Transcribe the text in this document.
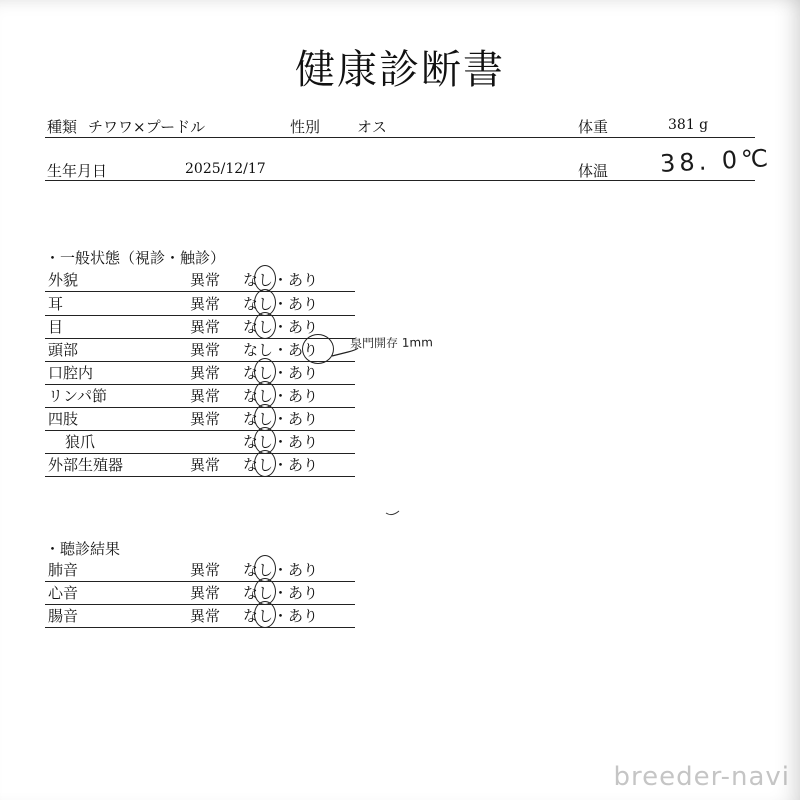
健康診断書
種類 チワワ×プードル	性別 オス	体重	381 g
生年月日	2025/12/17	体温 38. 0℃
・一般状態（視診・触診）
外貌	異常 なし・あり
耳	異常 なし・あり
目	異常 なし・あり
頭部	異常 なし・あり
口腔内	異常 なし・あり
リンパ節	異常 なし・あり
四肢	異常 なし・あり
狼爪	なし・あり
外部生殖器	異常 なし・あり
泉門開存 1mm
・聴診結果
肺音	異常 なし・あり
心音	異常 なし・あり
腸音	異常 なし・あり
breeder-navi
